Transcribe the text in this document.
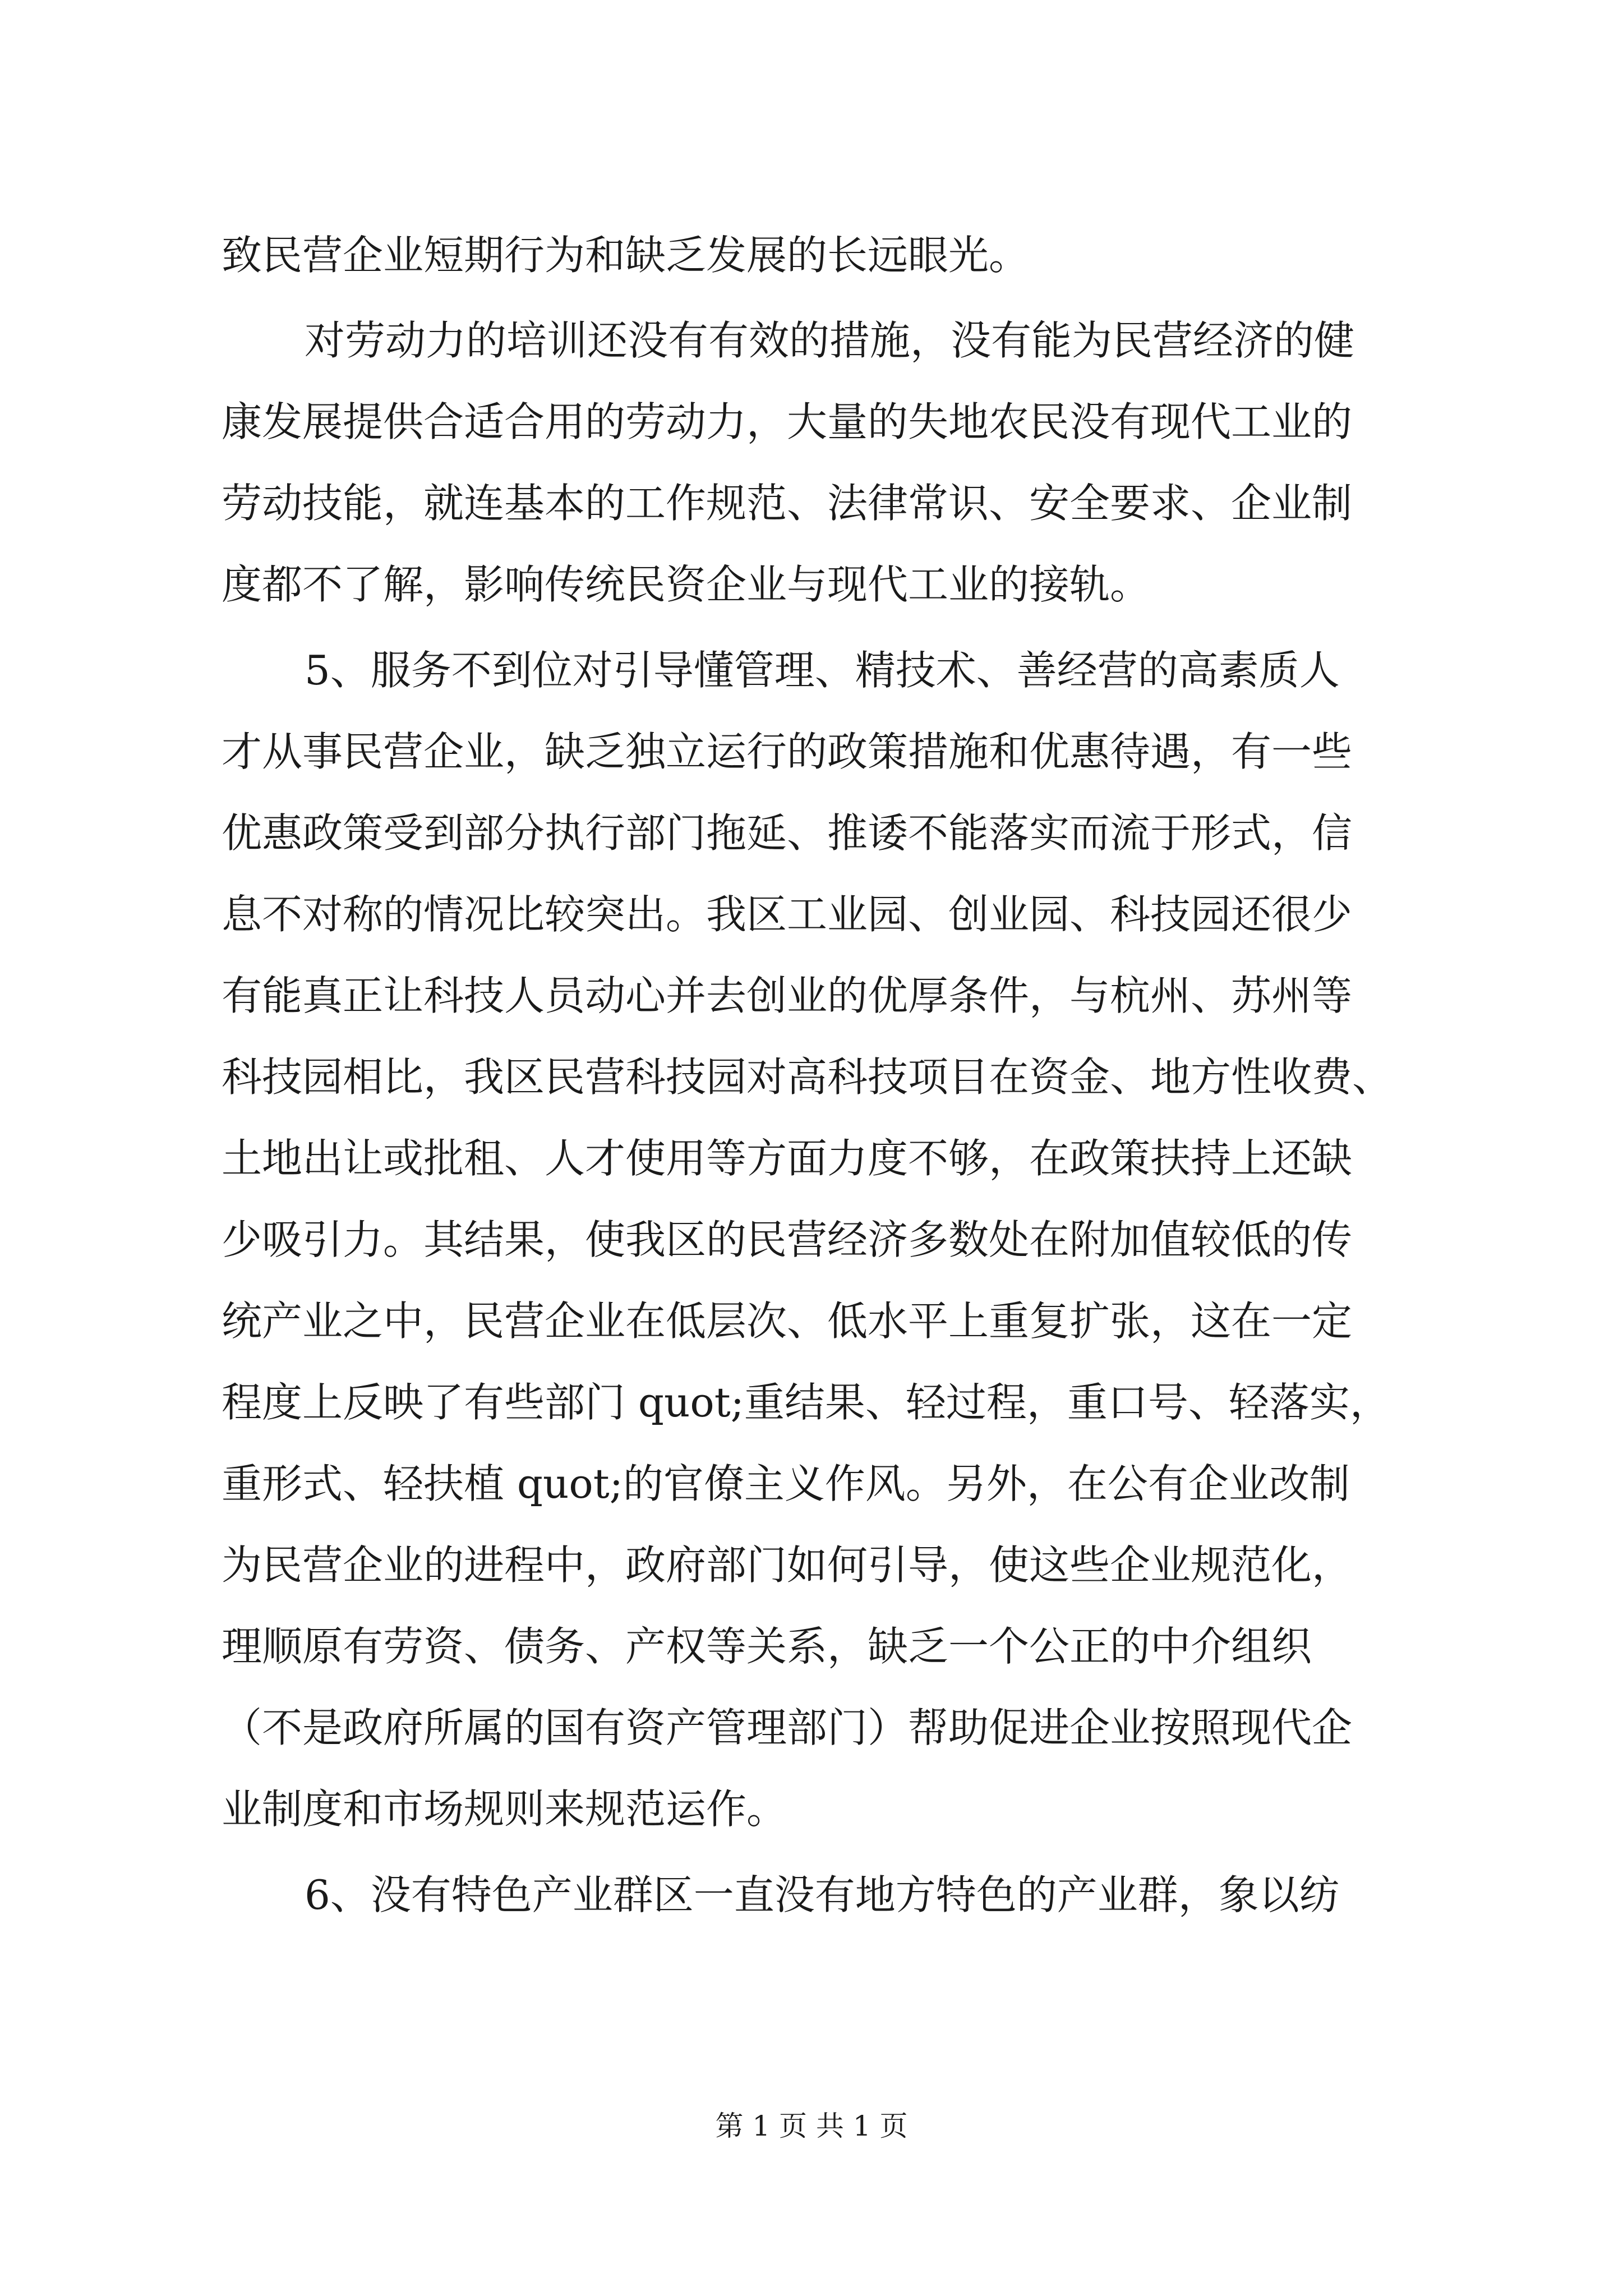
致民营企业短期行为和缺乏发展的长远眼光。
对劳动力的培训还没有有效的措施，没有能为民营经济的健
康发展提供合适合用的劳动力，大量的失地农民没有现代工业的
劳动技能，就连基本的工作规范、法律常识、安全要求、企业制
度都不了解，影响传统民资企业与现代工业的接轨。
5、服务不到位对引导懂管理、精技术、善经营的高素质人
才从事民营企业，缺乏独立运行的政策措施和优惠待遇，有一些
优惠政策受到部分执行部门拖延、推诿不能落实而流于形式，信
息不对称的情况比较突出。我区工业园、创业园、科技园还很少
有能真正让科技人员动心并去创业的优厚条件，与杭州、苏州等
科技园相比，我区民营科技园对高科技项目在资金、地方性收费、
土地出让或批租、人才使用等方面力度不够，在政策扶持上还缺
少吸引力。其结果，使我区的民营经济多数处在附加值较低的传
统产业之中，民营企业在低层次、低水平上重复扩张，这在一定
程度上反映了有些部门 quot;重结果、轻过程，重口号、轻落实，
重形式、轻扶植 quot;的官僚主义作风。另外，在公有企业改制
为民营企业的进程中，政府部门如何引导，使这些企业规范化，
理顺原有劳资、债务、产权等关系，缺乏一个公正的中介组织
（不是政府所属的国有资产管理部门）帮助促进企业按照现代企
业制度和市场规则来规范运作。
6、没有特色产业群区一直没有地方特色的产业群，象以纺
第 1 页 共 1 页
